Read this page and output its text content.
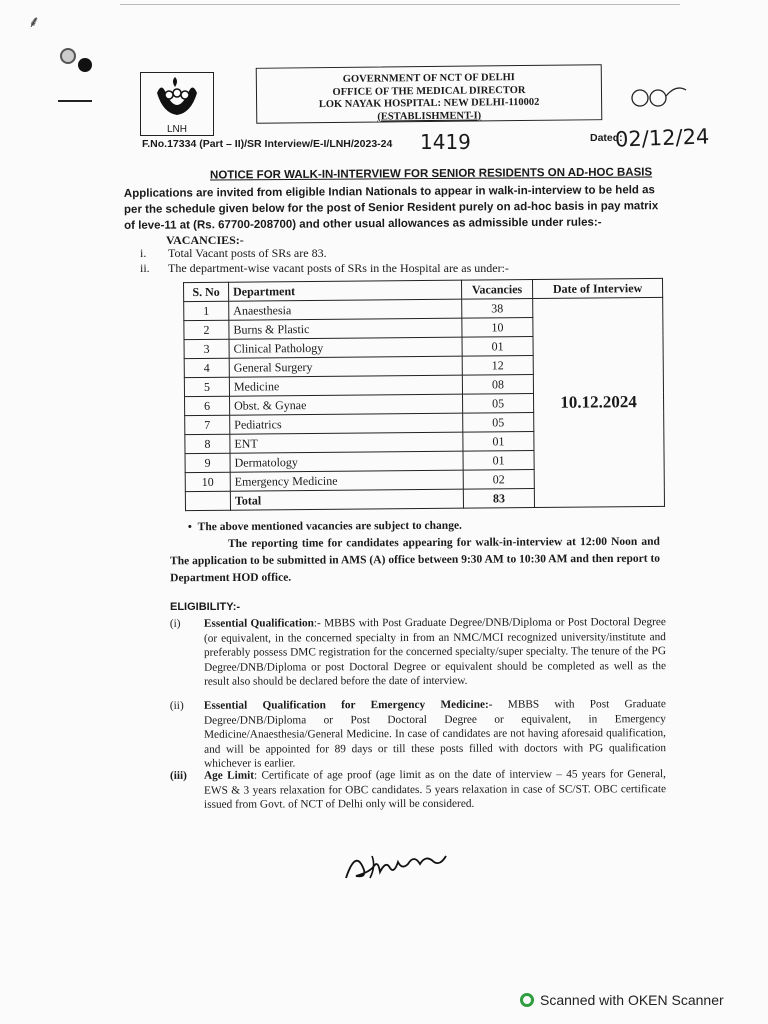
⸙
LNH
GOVERNMENT OF NCT OF DELHI
OFFICE OF THE MEDICAL DIRECTOR
LOK NAYAK HOSPITAL: NEW DELHI-110002
(ESTABLISHMENT-I)
F.No.17334 (Part – II)/SR Interview/E-I/LNH/2023-24 1419	Dated:
02/12/24
NOTICE FOR WALK-IN-INTERVIEW FOR SENIOR RESIDENTS ON AD-HOC BASIS
Applications are invited from eligible Indian Nationals to appear in walk-in-interview to be held as per the schedule given below for the post of Senior Resident purely on ad-hoc basis in pay matrix of leve-11 at (Rs. 67700-208700) and other usual allowances as admissible under rules:-
VACANCIES:-
i. Total Vacant posts of SRs are 83.
ii. The department-wise vacant posts of SRs in the Hospital are as under:-
S. No	Department	Vacancies	Date of Interview
1	Anaesthesia	38	10.12.2024
2	Burns & Plastic	10	
3	Clinical Pathology	01	
4	General Surgery	12	
5	Medicine	08	
6	Obst. & Gynae	05	
7	Pediatrics	05	
8	ENT	01	
9	Dermatology	01	
10	Emergency Medicine	02	
	Total	83	
•  The above mentioned vacancies are subject to change.
The reporting time for candidates appearing for walk-in-interview at 12:00 Noon and The application to be submitted in AMS (A) office between 9:30 AM to 10:30 AM and then report to Department HOD office.
ELIGIBILITY:-
(i) Essential Qualification:- MBBS with Post Graduate Degree/DNB/Diploma or Post Doctoral Degree (or equivalent, in the concerned specialty in from an NMC/MCI recognized university/institute and preferably possess DMC registration for the concerned specialty/super specialty. The tenure of the PG Degree/DNB/Diploma or post Doctoral Degree or equivalent should be completed as well as the result also should be declared before the date of interview.
(ii) Essential Qualification for Emergency Medicine:- MBBS with Post Graduate Degree/DNB/Diploma or Post Doctoral Degree or equivalent, in Emergency Medicine/Anaesthesia/General Medicine. In case of candidates are not having aforesaid qualification, and will be appointed for 89 days or till these posts filled with doctors with PG qualification whichever is earlier.
(iii) Age Limit: Certificate of age proof (age limit as on the date of interview – 45 years for General, EWS & 3 years relaxation for OBC candidates. 5 years relaxation in case of SC/ST. OBC certificate issued from Govt. of NCT of Delhi only will be considered.
Scanned with OKEN Scanner
